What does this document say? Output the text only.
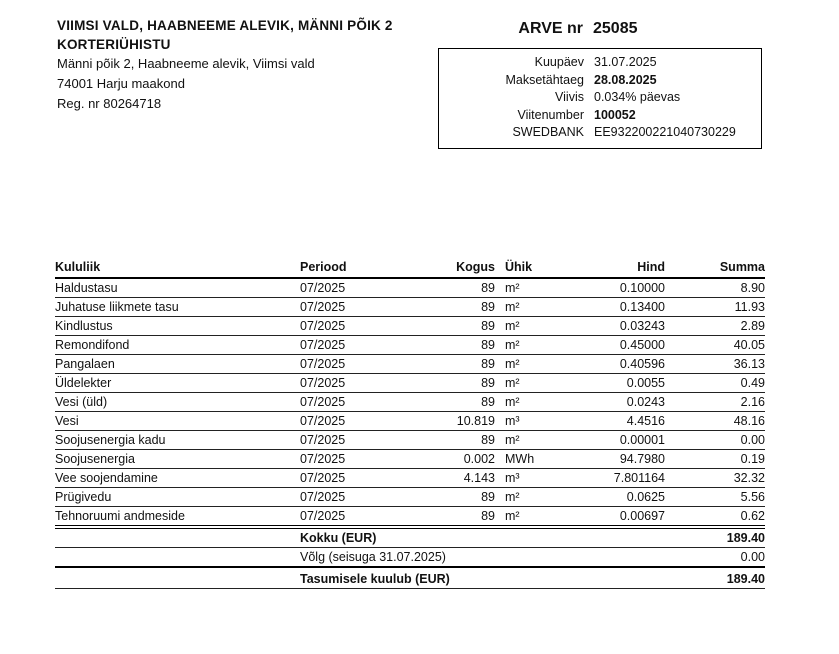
VIIMSI VALD, HAABNEEME ALEVIK, MÄNNI PÕIK 2
KORTERIÜHISTU
Männi põik 2, Haabneeme alevik, Viimsi vald
74001 Harju maakond
Reg. nr 80264718
ARVE nr 25085
Kuupäev 31.07.2025
Maksetähtaeg 28.08.2025
Viivis 0.034% päevas
Viitenumber 100052
SWEDBANK EE932200221040730229
Kululiik	Periood	Kogus	Ühik	Hind	Summa
Haldustasu	07/2025	89	m²	0.10000	8.90
Juhatuse liikmete tasu	07/2025	89	m²	0.13400	11.93
Kindlustus	07/2025	89	m²	0.03243	2.89
Remondifond	07/2025	89	m²	0.45000	40.05
Pangalaen	07/2025	89	m²	0.40596	36.13
Üldelekter	07/2025	89	m²	0.0055	0.49
Vesi (üld)	07/2025	89	m²	0.0243	2.16
Vesi	07/2025	10.819	m³	4.4516	48.16
Soojusenergia kadu	07/2025	89	m²	0.00001	0.00
Soojusenergia	07/2025	0.002	MWh	94.7980	0.19
Vee soojendamine	07/2025	4.143	m³	7.801164	32.32
Prügivedu	07/2025	89	m²	0.0625	5.56
Tehnoruumi andmeside	07/2025	89	m²	0.00697	0.62
	Kokku (EUR)				189.40
	Võlg (seisuga 31.07.2025)				0.00
	Tasumisele kuulub (EUR)				189.40
